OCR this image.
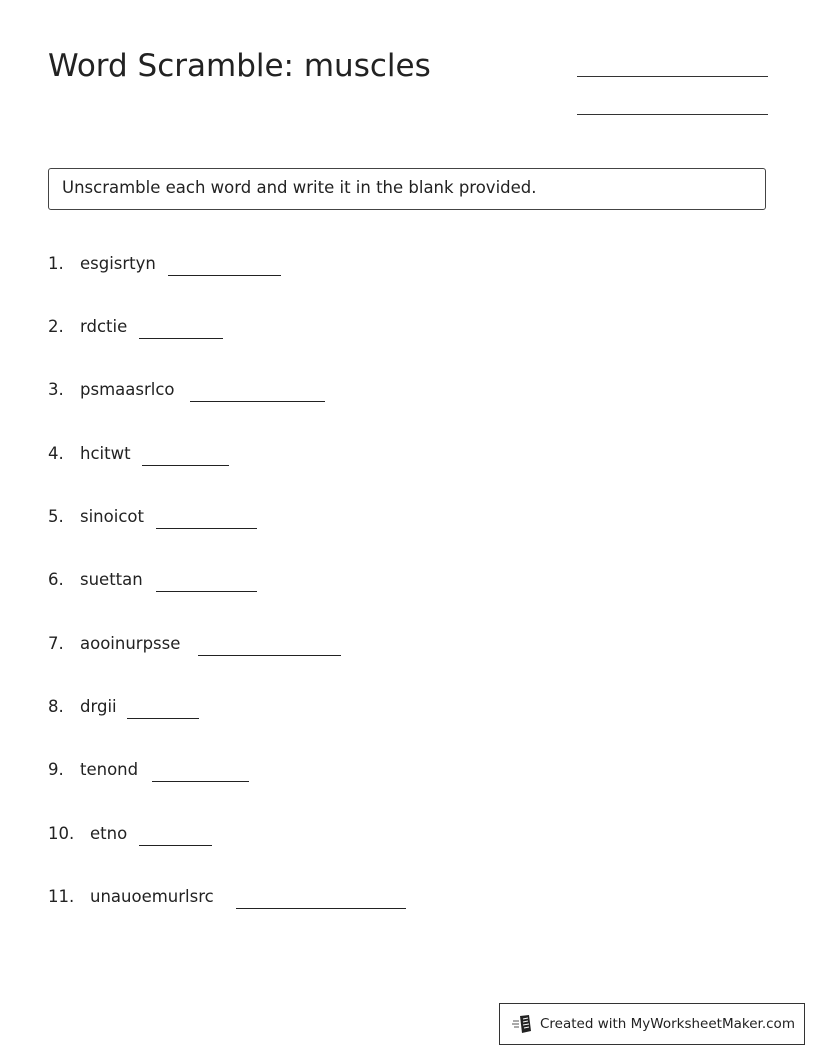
Word Scramble: muscles
Unscramble each word and write it in the blank provided.
1. esgisrtyn
2. rdctie
3. psmaasrlco
4. hcitwt
5. sinoicot
6. suettan
7. aooinurpsse
8. drgii
9. tenond
10. etno
11. unauoemurlsrc
Created with MyWorksheetMaker.com
